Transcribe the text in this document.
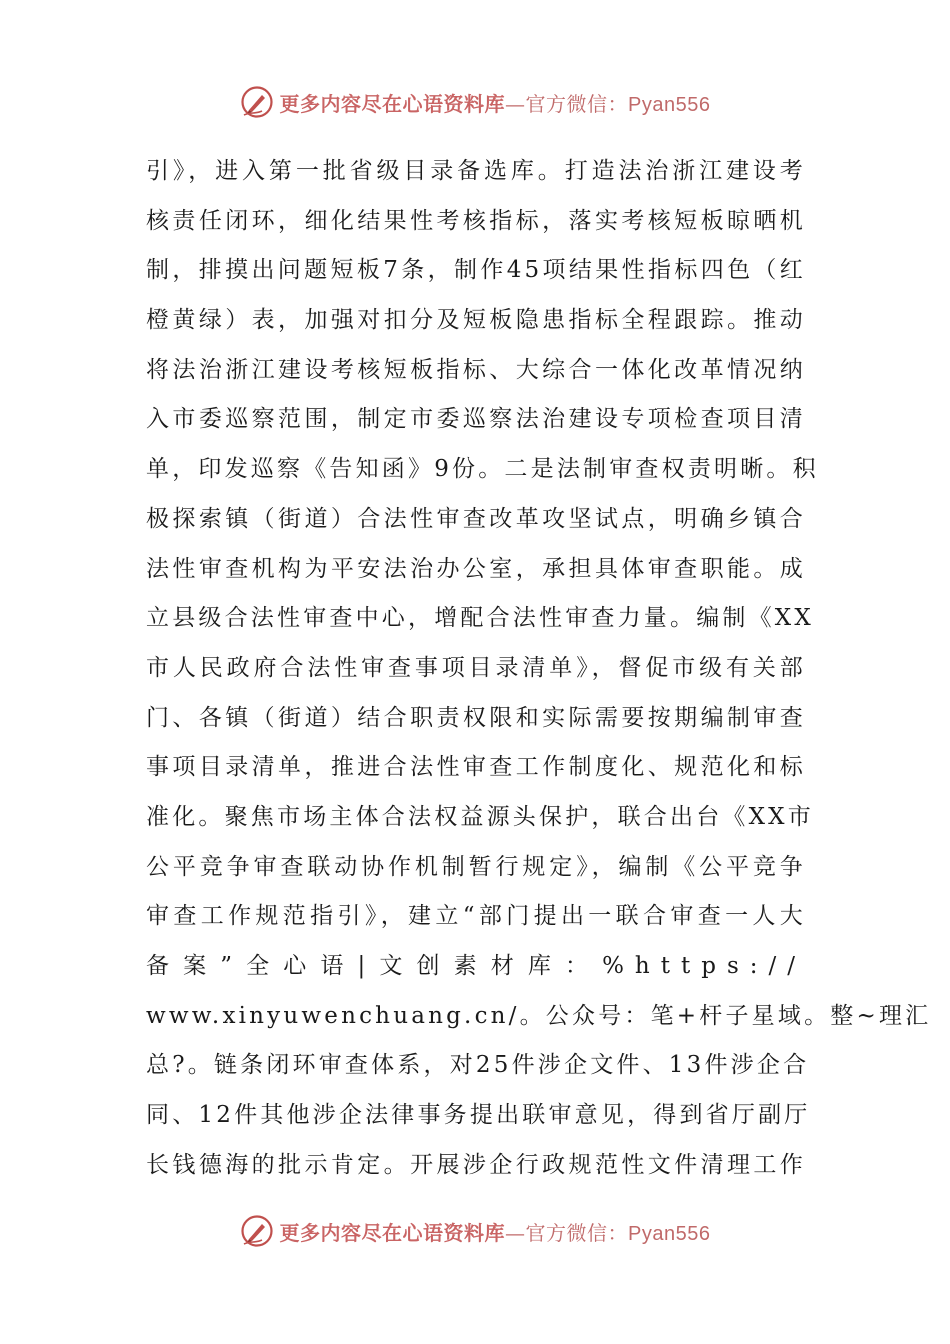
更多内容尽在心语资料库—官方微信：Pyan556
引》，进入第一批省级目录备选库。打造法治浙江建设考
核责任闭环，细化结果性考核指标，落实考核短板晾晒机
制，排摸出问题短板7条，制作45项结果性指标四色（红
橙黄绿）表，加强对扣分及短板隐患指标全程跟踪。推动
将法治浙江建设考核短板指标、大综合一体化改革情况纳
入市委巡察范围，制定市委巡察法治建设专项检查项目清
单，印发巡察《告知函》9份。二是法制审查权责明晰。积
极探索镇（街道）合法性审查改革攻坚试点，明确乡镇合
法性审查机构为平安法治办公室，承担具体审查职能。成
立县级合法性审查中心，增配合法性审查力量。编制《XX
市人民政府合法性审查事项目录清单》，督促市级有关部
门、各镇（街道）结合职责权限和实际需要按期编制审查
事项目录清单，推进合法性审查工作制度化、规范化和标
准化。聚焦市场主体合法权益源头保护，联合出台《XX市
公平竞争审查联动协作机制暂行规定》，编制《公平竞争
审查工作规范指引》，建立“部门提出一联合审查一人大
备案”全心语|文创素材库：%https://
www.xinyuwenchuang.cn/。公众号：笔+杆子星域。整~理汇
总?。链条闭环审查体系，对25件涉企文件、13件涉企合
同、12件其他涉企法律事务提出联审意见，得到省厅副厅
长钱德海的批示肯定。开展涉企行政规范性文件清理工作
更多内容尽在心语资料库—官方微信：Pyan556
